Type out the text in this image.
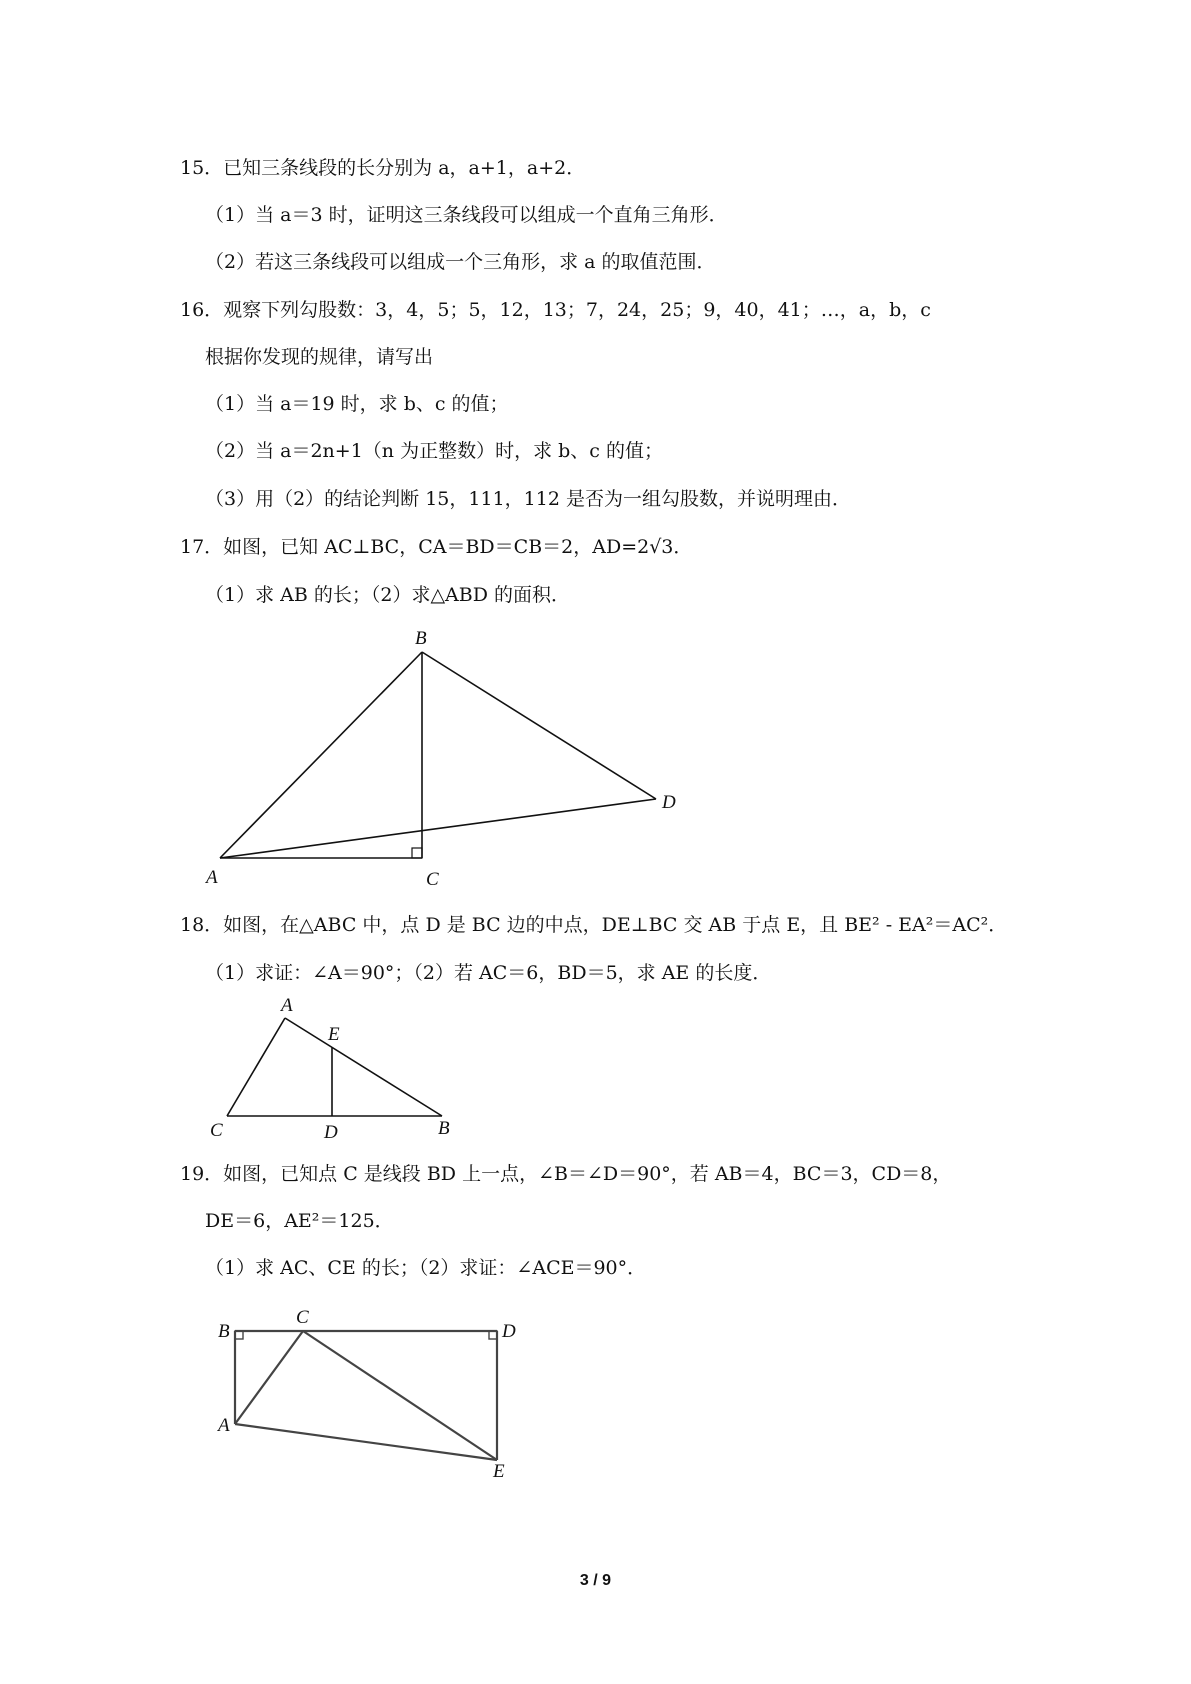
15．已知三条线段的长分别为 a，a+1，a+2．
（1）当 a＝3 时，证明这三条线段可以组成一个直角三角形．
（2）若这三条线段可以组成一个三角形，求 a 的取值范围．
16．观察下列勾股数：3，4，5；5，12，13；7，24，25；9，40，41；…，a，b，c
根据你发现的规律，请写出
（1）当 a＝19 时，求 b、c 的值；
（2）当 a＝2n+1（n 为正整数）时，求 b、c 的值；
（3）用（2）的结论判断 15，111，112 是否为一组勾股数，并说明理由．
17．如图，已知 AC⊥BC，CA＝BD＝CB＝2，AD=2√3．
（1）求 AB 的长；（2）求△ABD 的面积．
B
D
A	C
18．如图，在△ABC 中，点 D 是 BC 边的中点，DE⊥BC 交 AB 于点 E，且 BE² - EA²＝AC²．
（1）求证：∠A＝90°；（2）若 AC＝6，BD＝5，求 AE 的长度．
A
E
C	D	B
19．如图，已知点 C 是线段 BD 上一点，∠B＝∠D＝90°，若 AB＝4，BC＝3，CD＝8，
DE＝6，AE²＝125．
（1）求 AC、CE 的长；（2）求证：∠ACE＝90°．
B
C
D
A
E
3 / 9
